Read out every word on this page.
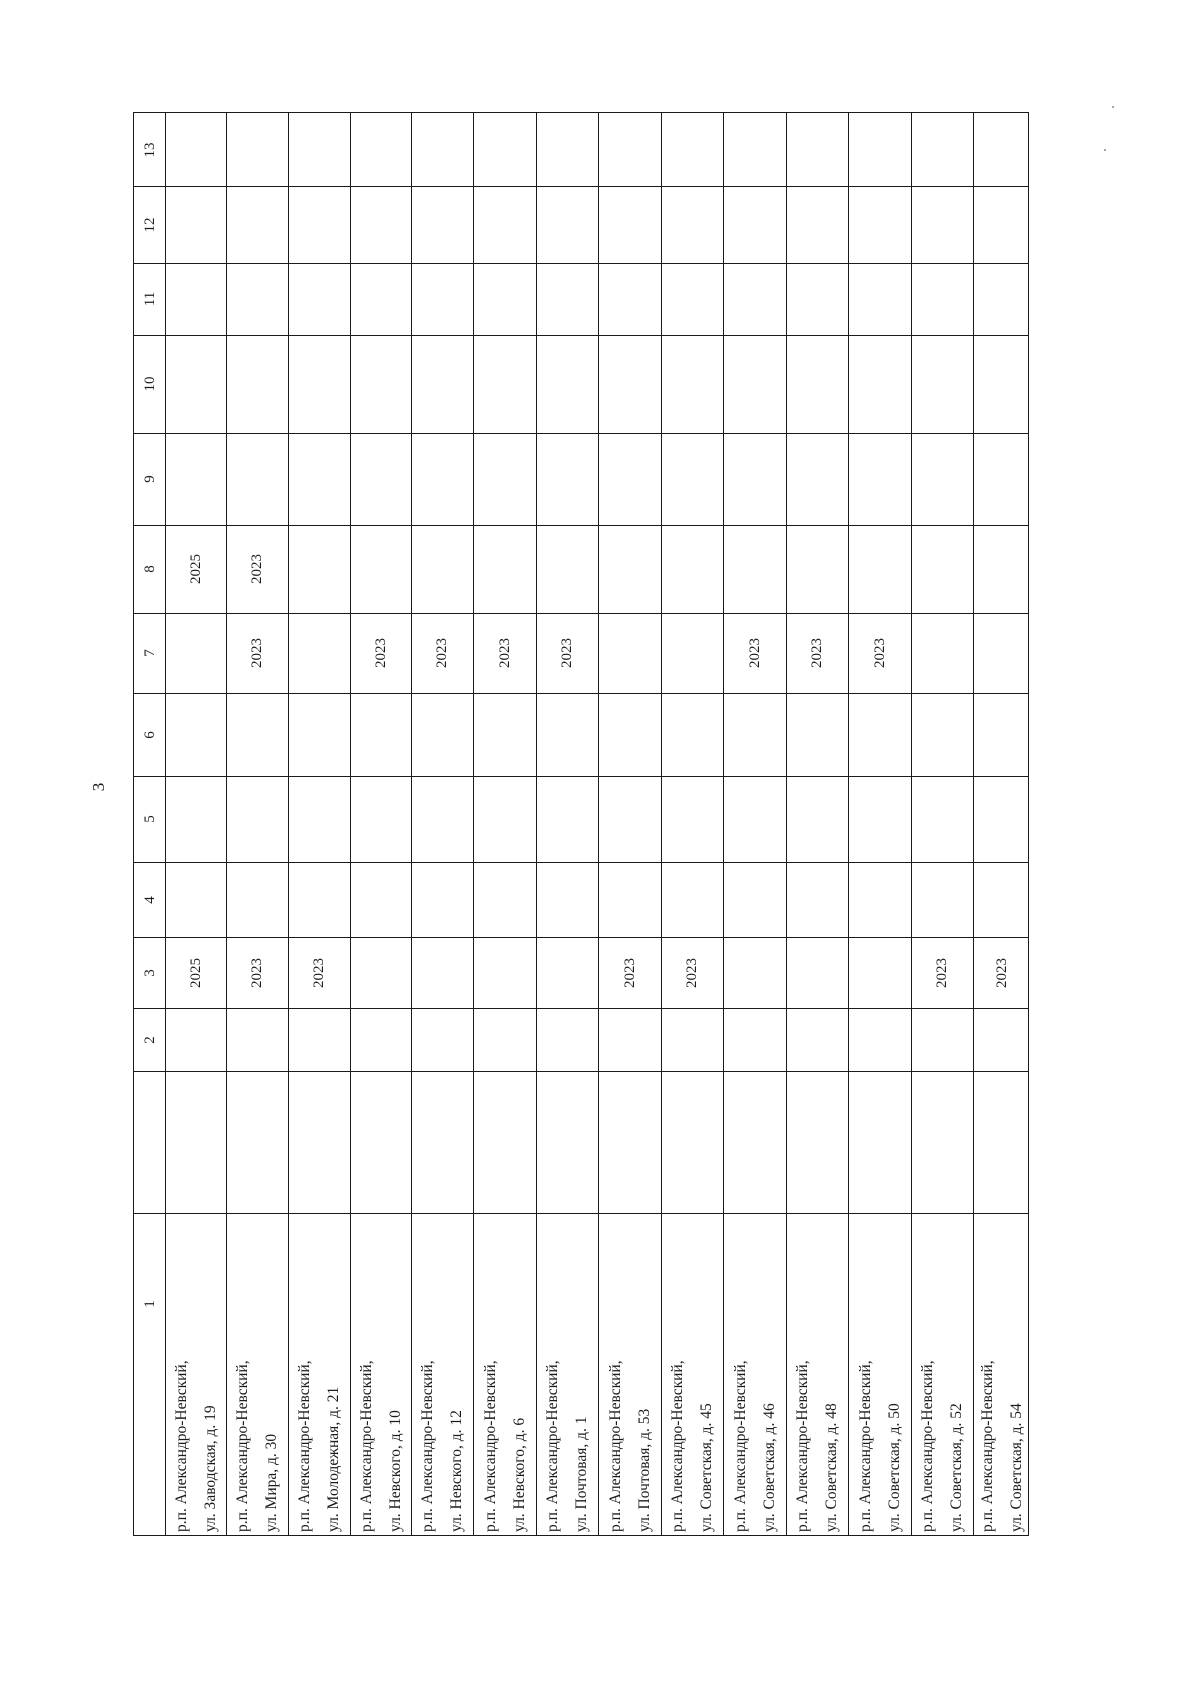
3
1
2
3
4
5
6
7
8
9
10
11
12
13
р.п. Александро-Невский, ул. Заводская, д. 19
2025
2025
р.п. Александро-Невский, ул. Мира, д. 30
2023
2023
2023
р.п. Александро-Невский, ул. Молодежная, д. 21
2023
р.п. Александро-Невский, ул. Невского, д. 10
2023
р.п. Александро-Невский, ул. Невского, д. 12
2023
р.п. Александро-Невский, ул. Невского, д. 6
2023
р.п. Александро-Невский, ул. Почтовая, д. 1
2023
р.п. Александро-Невский, ул. Почтовая, д. 53
2023
р.п. Александро-Невский, ул. Советская, д. 45
2023
р.п. Александро-Невский, ул. Советская, д. 46
2023
р.п. Александро-Невский, ул. Советская, д. 48
2023
р.п. Александро-Невский, ул. Советская, д. 50
2023
р.п. Александро-Невский, ул. Советская, д. 52
2023
р.п. Александро-Невский, ул. Советская, д. 54
2023
